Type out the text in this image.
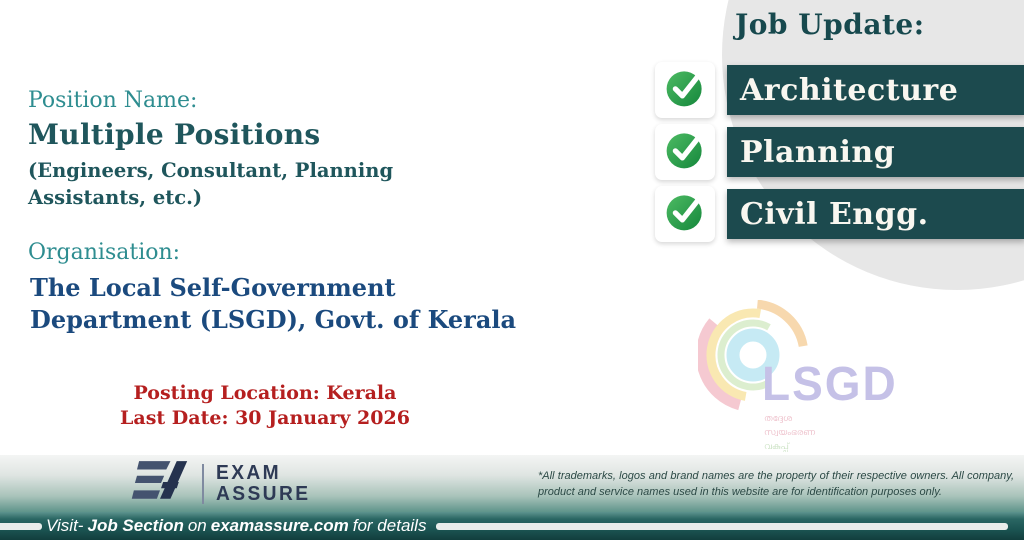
Job Update:
Architecture
Planning
Civil Engg.
Position Name:
Multiple Positions
(Engineers, Consultant, Planning
Assistants, etc.)
Organisation:
The Local Self-Government
Department (LSGD), Govt. of Kerala
Posting Location: Kerala
Last Date: 30 January 2026
LSGD
തദ്ദേശ
സ്വയംഭരണ
വകുപ്പ്
EXAM
ASSURE
*All trademarks, logos and brand names are the property of their respective owners. All company, product and service names used in this website are for identification purposes only.
Visit- Job Section on examassure.com for details
